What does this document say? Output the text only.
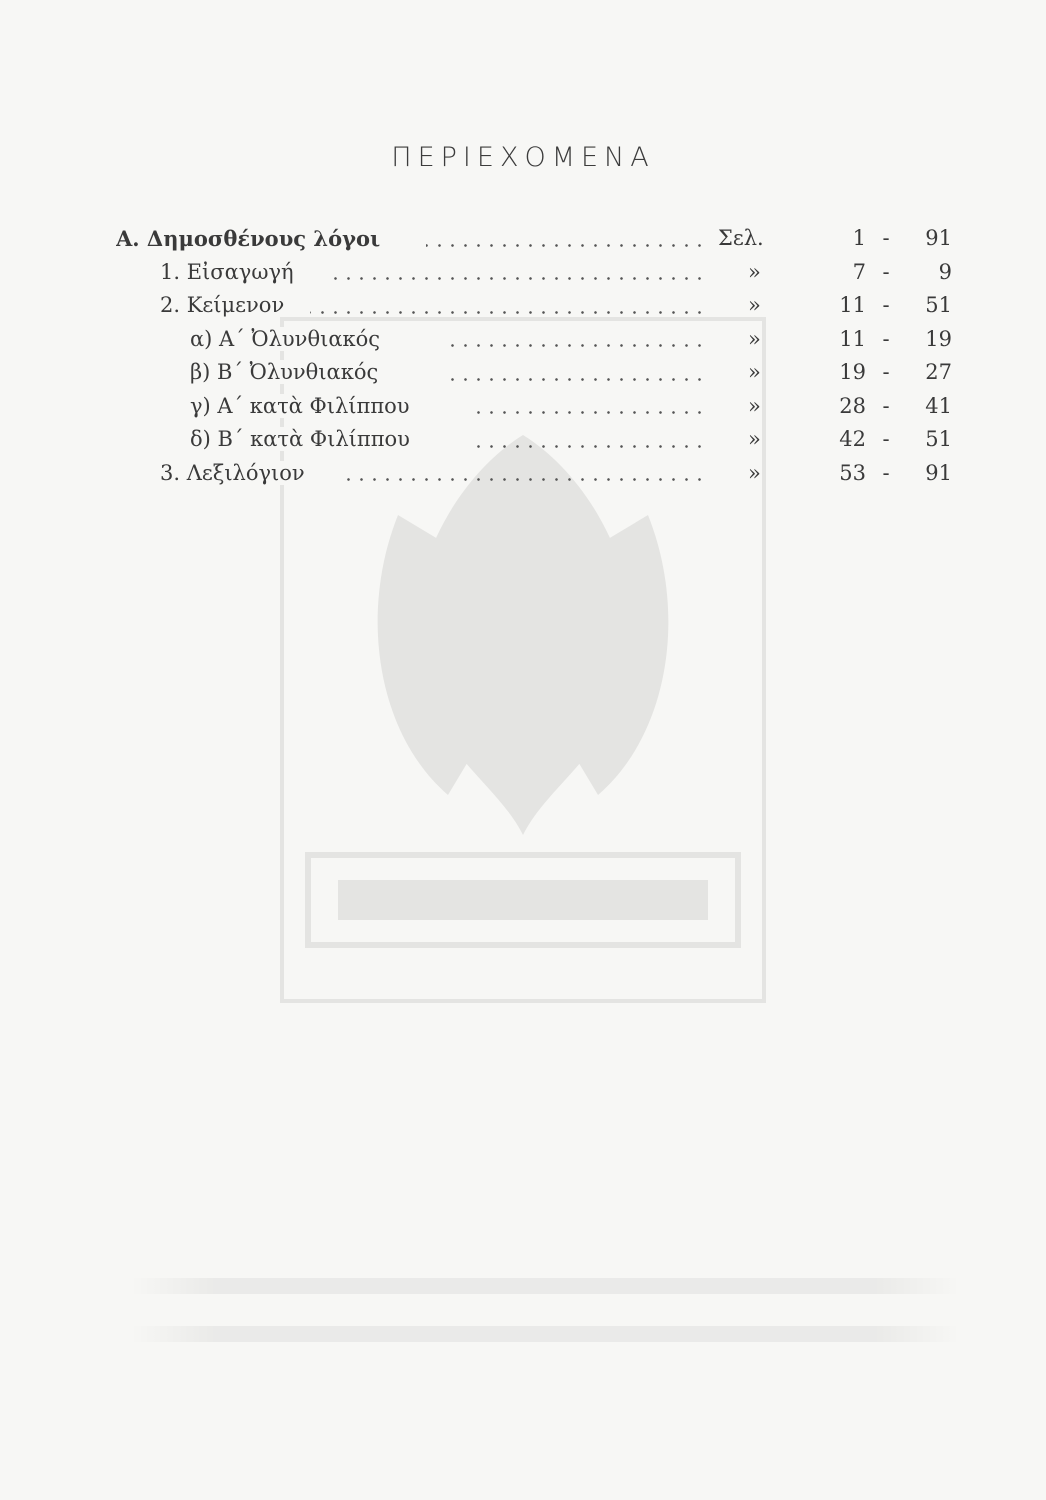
ΠΕΡΙΕΧΟΜΕΝΑ
Α. Δημοσθένους λόγοι	Σελ.	1 -	91
1. Εἰσαγωγή	»	7 -	9
2. Κείμενον	»	11 -	51
α) Α΄ Ὀλυνθιακός	»	11 -	19
β) Β΄ Ὀλυνθιακός	»	19 -	27
γ) Α΄ κατὰ Φιλίππου	»	28 -	41
δ) Β΄ κατὰ Φιλίππου	»	42 -	51
3. Λεξιλόγιον	»	53 -	91
